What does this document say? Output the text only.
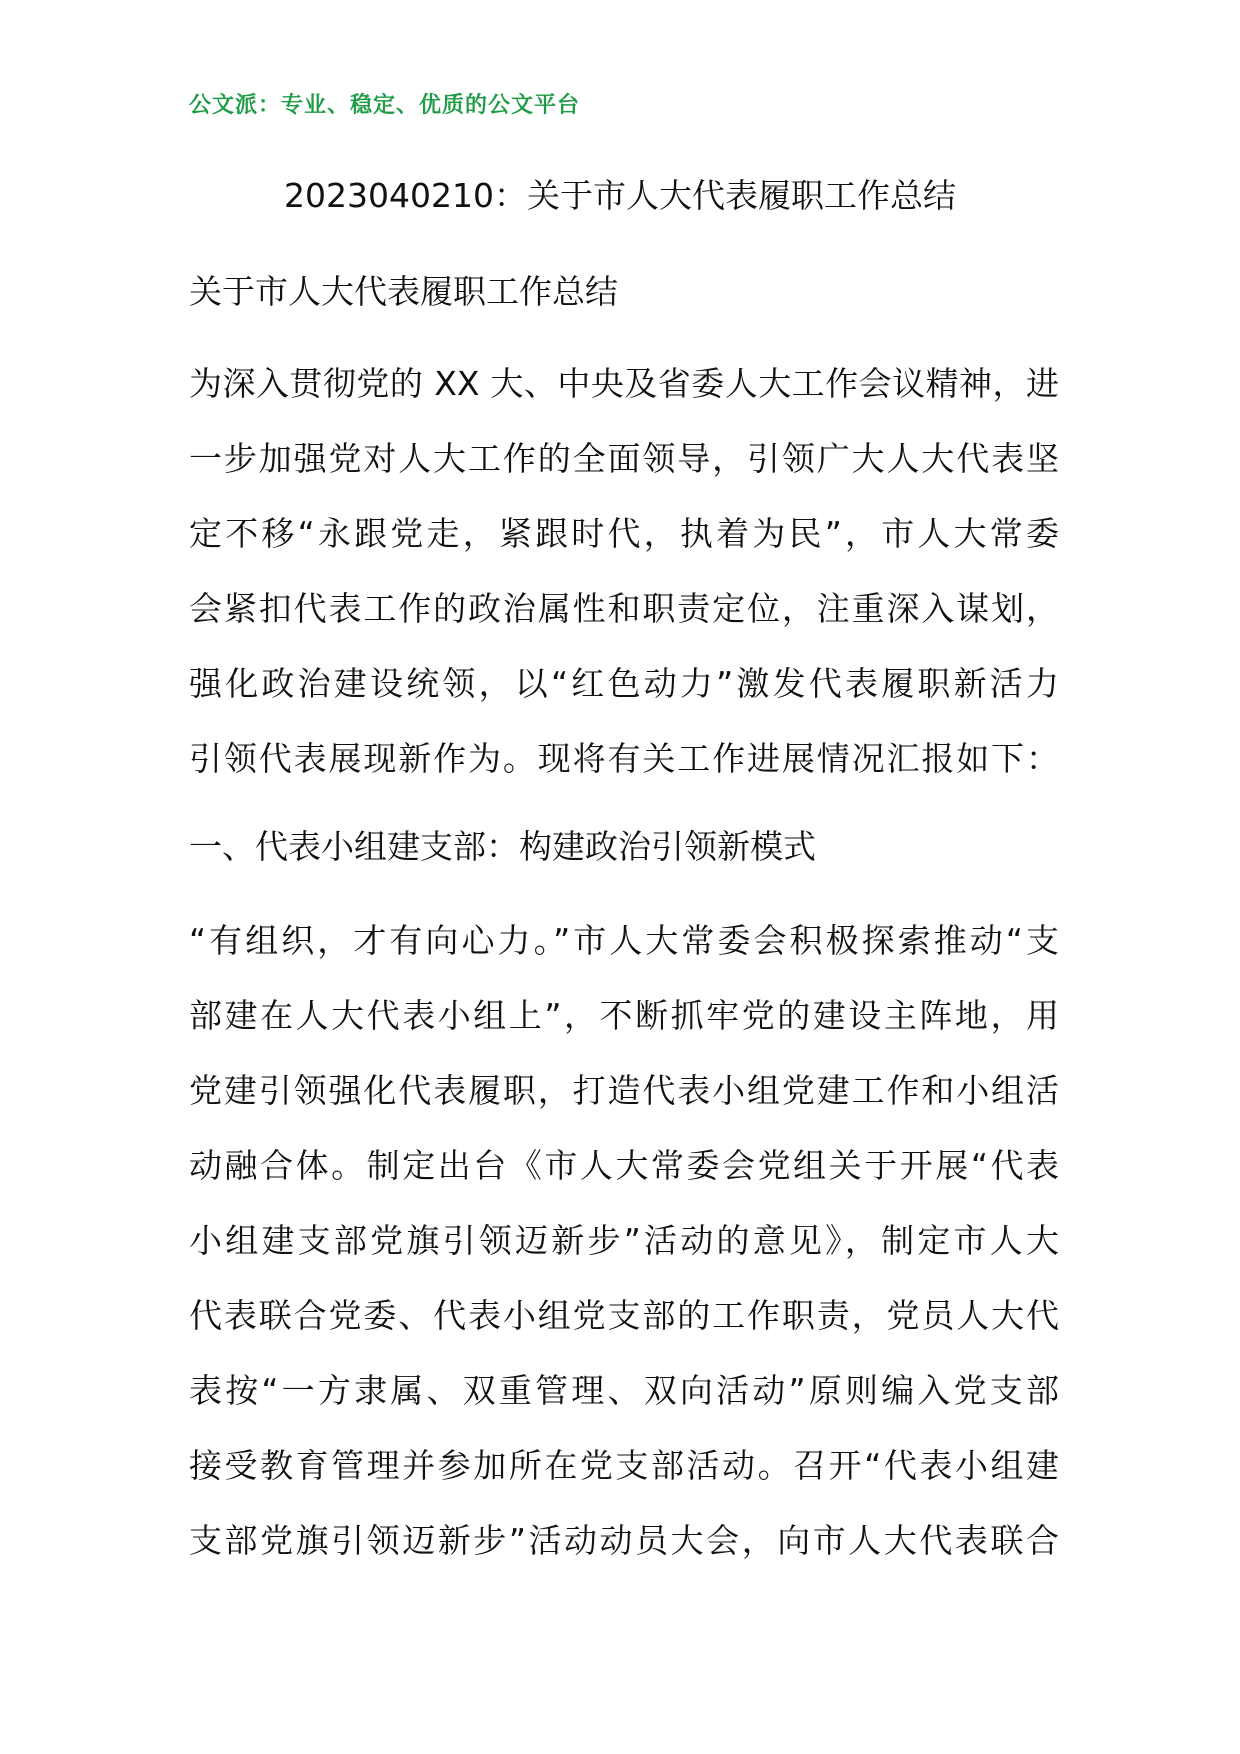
公文派：专业、稳定、优质的公文平台
2023040210：关于市人大代表履职工作总结
关于市人大代表履职工作总结

为深入贯彻党的 XX 大、中央及省委人大工作会议精神，进
一步加强党对人大工作的全面领导，引领广大人大代表坚
定不移“永跟党走，紧跟时代，执着为民”，市人大常委
会紧扣代表工作的政治属性和职责定位，注重深入谋划，
强化政治建设统领，以“红色动力”激发代表履职新活力
引领代表展现新作为。现将有关工作进展情况汇报如下：

一、代表小组建支部：构建政治引领新模式

“有组织，才有向心力。”市人大常委会积极探索推动“支
部建在人大代表小组上”，不断抓牢党的建设主阵地，用
党建引领强化代表履职，打造代表小组党建工作和小组活
动融合体。制定出台《市人大常委会党组关于开展“代表
小组建支部党旗引领迈新步”活动的意见》，制定市人大
代表联合党委、代表小组党支部的工作职责，党员人大代
表按“一方隶属、双重管理、双向活动”原则编入党支部
接受教育管理并参加所在党支部活动。召开“代表小组建
支部党旗引领迈新步”活动动员大会，向市人大代表联合
